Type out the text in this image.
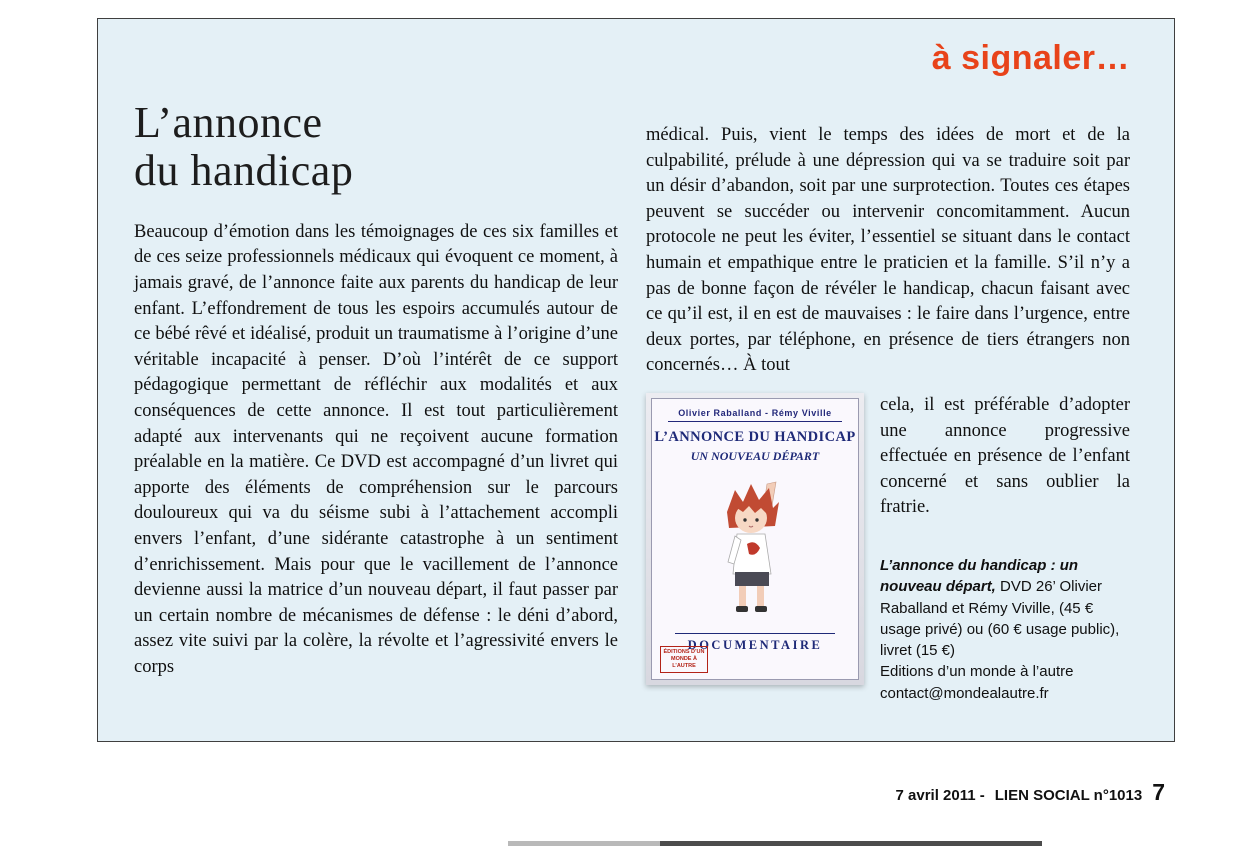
à signaler…
L’annonce
du handicap

Beaucoup d’émotion dans les témoignages de ces six familles et de ces seize professionnels médicaux qui évoquent ce moment, à jamais gravé, de l’annonce faite aux parents du handicap de leur enfant. L’effondrement de tous les espoirs accumulés autour de ce bébé rêvé et idéalisé, produit un traumatisme à l’origine d’une véritable incapacité à penser. D’où l’intérêt de ce support pédagogique permettant de réfléchir aux modalités et aux conséquences de cette annonce. Il est tout particulièrement adapté aux intervenants qui ne reçoivent aucune formation préalable en la matière. Ce DVD est accompagné d’un livret qui apporte des éléments de compréhension sur le parcours douloureux qui va du séisme subi à l’attachement accompli envers l’enfant, d’une sidérante catastrophe à un sentiment d’enrichissement. Mais pour que le vacillement de l’annonce devienne aussi la matrice d’un nouveau départ, il faut passer par un certain nombre de mécanismes de défense : le déni d’abord, assez vite suivi par la colère, la révolte et l’agressivité envers le corps

médical. Puis, vient le temps des idées de mort et de la culpabilité, prélude à une dépression qui va se traduire soit par un désir d’abandon, soit par une surprotection. Toutes ces étapes peuvent se succéder ou intervenir concomitamment. Aucun protocole ne peut les éviter, l’essentiel se situant dans le contact humain et empathique entre le praticien et la famille. S’il n’y a pas de bonne façon de révéler le handicap, chacun faisant avec ce qu’il est, il en est de mauvaises : le faire dans l’urgence, entre deux portes, par téléphone, en présence de tiers étrangers non concernés… À tout

Olivier Raballand - Rémy Viville
L’ANNONCE DU HANDICAP
UN NOUVEAU DÉPART
DOCUMENTAIRE
ÉDITIONS D’UN MONDE À L’AUTRE

cela, il est préférable d’adopter une annonce progressive effectuée en présence de l’enfant concerné et sans oublier la fratrie.

L’annonce du handicap : un nouveau départ, DVD 26’ Olivier Raballand et Rémy Viville, (45 € usage privé) ou (60 € usage public), livret (15 €)
Editions d’un monde à l’autre
contact@mondealautre.fr
7 avril 2011 - LIEN SOCIAL n°1013 7
